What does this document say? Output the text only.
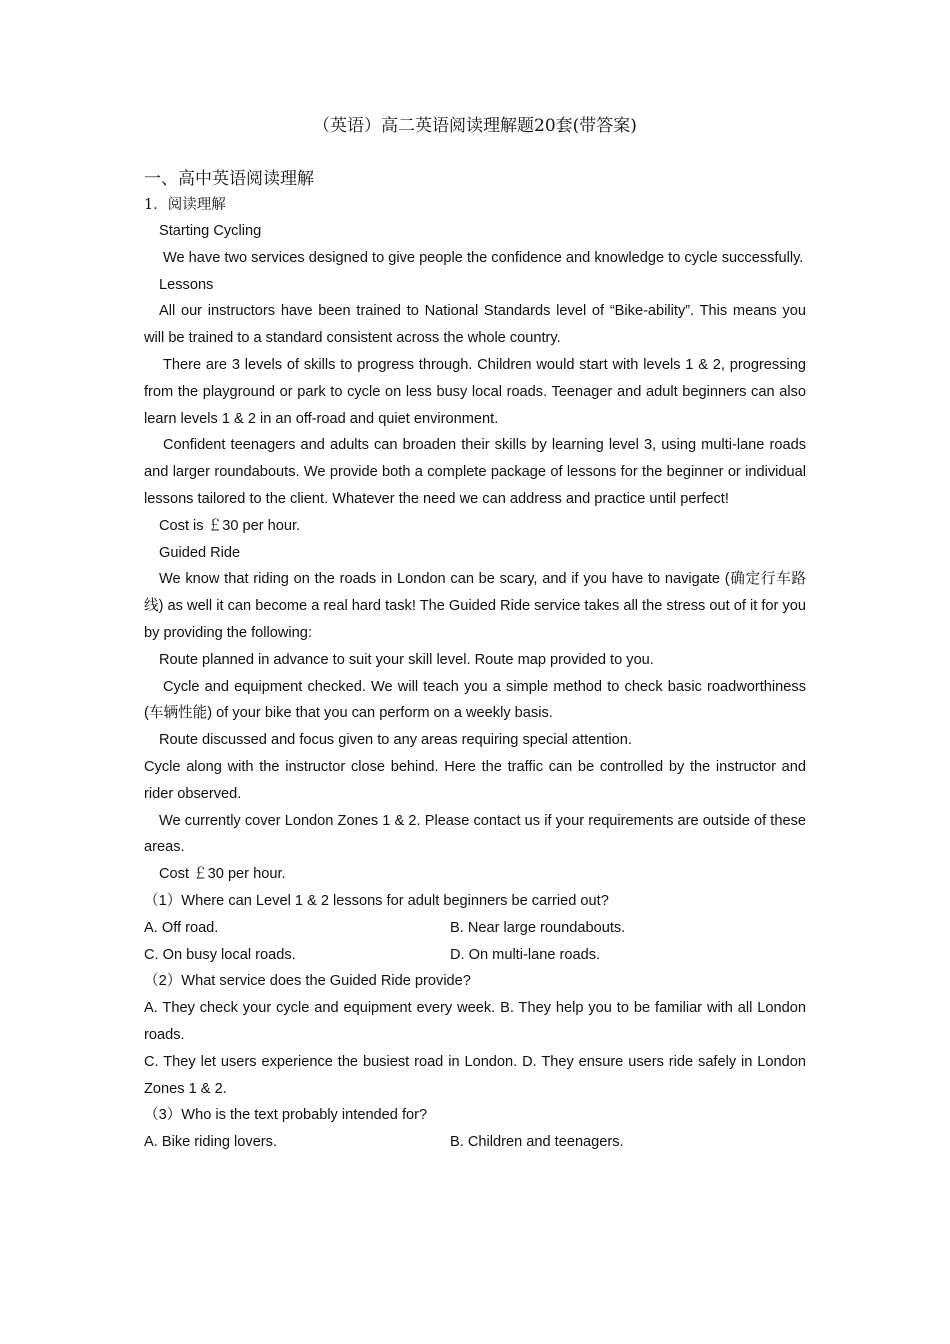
（英语）高二英语阅读理解题20套(带答案)
一、高中英语阅读理解
1．阅读理解

Starting Cycling

We have two services designed to give people the confidence and knowledge to cycle successfully.

Lessons

All our instructors have been trained to National Standards level of “Bike-ability”. This means you will be trained to a standard consistent across the whole country.

There are 3 levels of skills to progress through. Children would start with levels 1 & 2, progressing from the playground or park to cycle on less busy local roads. Teenager and adult beginners can also learn levels 1 & 2 in an off-road and quiet environment.

Confident teenagers and adults can broaden their skills by learning level 3, using multi-lane roads and larger roundabouts. We provide both a complete package of lessons for the beginner or individual lessons tailored to the client. Whatever the need we can address and practice until perfect!

Cost is ￡30 per hour.

Guided Ride

We know that riding on the roads in London can be scary, and if you have to navigate (确定行车路线) as well it can become a real hard task! The Guided Ride service takes all the stress out of it for you by providing the following:

Route planned in advance to suit your skill level. Route map provided to you.

Cycle and equipment checked. We will teach you a simple method to check basic roadworthiness (车辆性能) of your bike that you can perform on a weekly basis.

Route discussed and focus given to any areas requiring special attention.

Cycle along with the instructor close behind. Here the traffic can be controlled by the instructor and rider observed.

We currently cover London Zones 1 & 2. Please contact us if your requirements are outside of these areas.

Cost ￡30 per hour.

（1）Where can Level 1 & 2 lessons for adult beginners be carried out?

A. Off road.	B. Near large roundabouts.
C. On busy local roads.	D. On multi-lane roads.

（2）What service does the Guided Ride provide?

A. They check your cycle and equipment every week. B. They help you to be familiar with all London roads.

C. They let users experience the busiest road in London. D. They ensure users ride safely in London Zones 1 & 2.

（3）Who is the text probably intended for?

A. Bike riding lovers.	B. Children and teenagers.
